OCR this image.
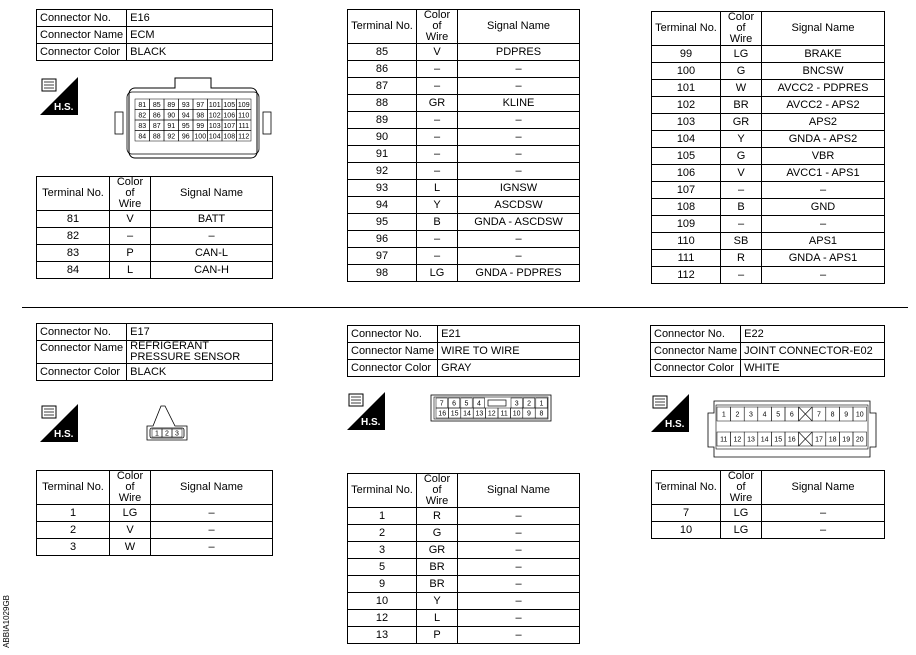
Connector No.	E16
Connector Name	ECM
Connector Color	BLACK
H.S.	81 85 89 93 97 101 105 109
82 86 90 94 98 102 106 110
83 87 91 95 99 103 107 111
84 88 92 96 100 104 108 112
Terminal No.	Color of Wire	Signal Name
81	V	BATT
82	–	–
83	P	CAN-L
84	L	CAN-H
Terminal No.	Color of Wire	Signal Name
85	V	PDPRES
86	–	–
87	–	–
88	GR	KLINE
89	–	–
90	–	–
91	–	–
92	–	–
93	L	IGNSW
94	Y	ASCDSW
95	B	GNDA - ASCDSW
96	–	–
97	–	–
98	LG	GNDA - PDPRES
Terminal No.	Color of Wire	Signal Name
99	LG	BRAKE
100	G	BNCSW
101	W	AVCC2 - PDPRES
102	BR	AVCC2 - APS2
103	GR	APS2
104	Y	GNDA - APS2
105	G	VBR
106	V	AVCC1 - APS1
107	–	–
108	B	GND
109	–	–
110	SB	APS1
111	R	GNDA - APS1
112	–	–
Connector No.	E17
Connector Name	REFRIGERANT PRESSURE SENSOR
Connector Color	BLACK
H.S.	1 2 3
Terminal No.	Color of Wire	Signal Name
1	LG	–
2	V	–
3	W	–
Connector No.	E21
Connector Name	WIRE TO WIRE
Connector Color	GRAY
H.S.
7 6 5 4	3 2 1
16 15 14 13 12 11 10 9 8
Terminal No.	Color of Wire	Signal Name
1	R	–
2	G	–
3	GR	–
5	BR	–
9	BR	–
10	Y	–
12	L	–
13	P	–
Connector No.	E22
Connector Name	JOINT CONNECTOR-E02
Connector Color	WHITE
H.S.
1 2 3 4 5 6	7 8 9 10
11 12 13 14 15 16	17 18 19 20
Terminal No.	Color of Wire	Signal Name
7	LG	–
10	LG	–
ABBIA1029GB
